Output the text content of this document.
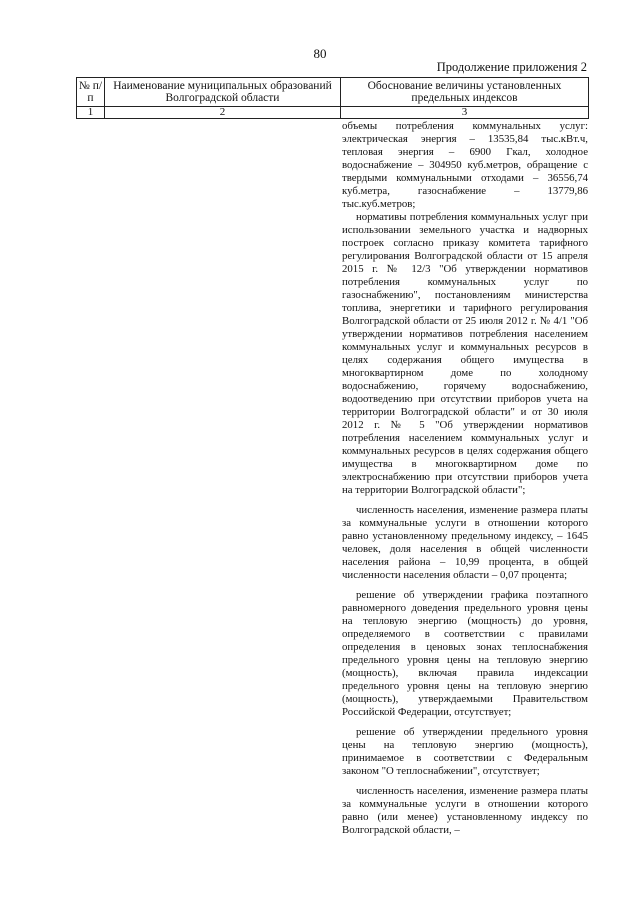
80
Продолжение приложения 2
№ п/п	Наименование муниципальных образований Волгоградской области	Обоснование величины установленных предельных индексов
1	2	3

объемы потребления коммунальных услуг: электрическая энергия – 13535,84 тыс.кВт.ч, тепловая энергия – 6900 Гкал, холодное водоснабжение – 304950 куб.метров, обращение с твердыми коммунальными отходами – 36556,74 куб.метра, газоснабжение – 13779,86 тыс.куб.метров;

нормативы потребления коммунальных услуг при использовании земельного участка и надворных построек согласно приказу комитета тарифного регулирования Волгоградской области от 15 апреля 2015 г. № 12/3 "Об утверждении нормативов потребления коммунальных услуг по газоснабжению", постановлениям министерства топлива, энергетики и тарифного регулирования Волгоградской области от 25 июля 2012 г. № 4/1 "Об утверждении нормативов потребления населением коммунальных услуг и коммунальных ресурсов в целях содержания общего имущества в многоквартирном доме по холодному водоснабжению, горячему водоснабжению, водоотведению при отсутствии приборов учета на территории Волгоградской области" и от 30 июля 2012 г. № 5 "Об утверждении нормативов потребления населением коммунальных услуг и коммунальных ресурсов в целях содержания общего имущества в многоквартирном доме по электроснабжению при отсутствии приборов учета на территории Волгоградской области";

численность населения, изменение размера платы за коммунальные услуги в отношении которого равно установленному предельному индексу, – 1645 человек, доля населения в общей численности населения района – 10,99 процента, в общей численности населения области – 0,07 процента;

решение об утверждении графика поэтапного равномерного доведения предельного уровня цены на тепловую энергию (мощность) до уровня, определяемого в соответствии с правилами определения в ценовых зонах теплоснабжения предельного уровня цены на тепловую энергию (мощность), включая правила индексации предельного уровня цены на тепловую энергию (мощность), утверждаемыми Правительством Российской Федерации, отсутствует;

решение об утверждении предельного уровня цены на тепловую энергию (мощность), принимаемое в соответствии с Федеральным законом "О теплоснабжении", отсутствует;

численность населения, изменение размера платы за коммунальные услуги в отношении которого равно (или менее) установленному индексу по Волгоградской области, –
